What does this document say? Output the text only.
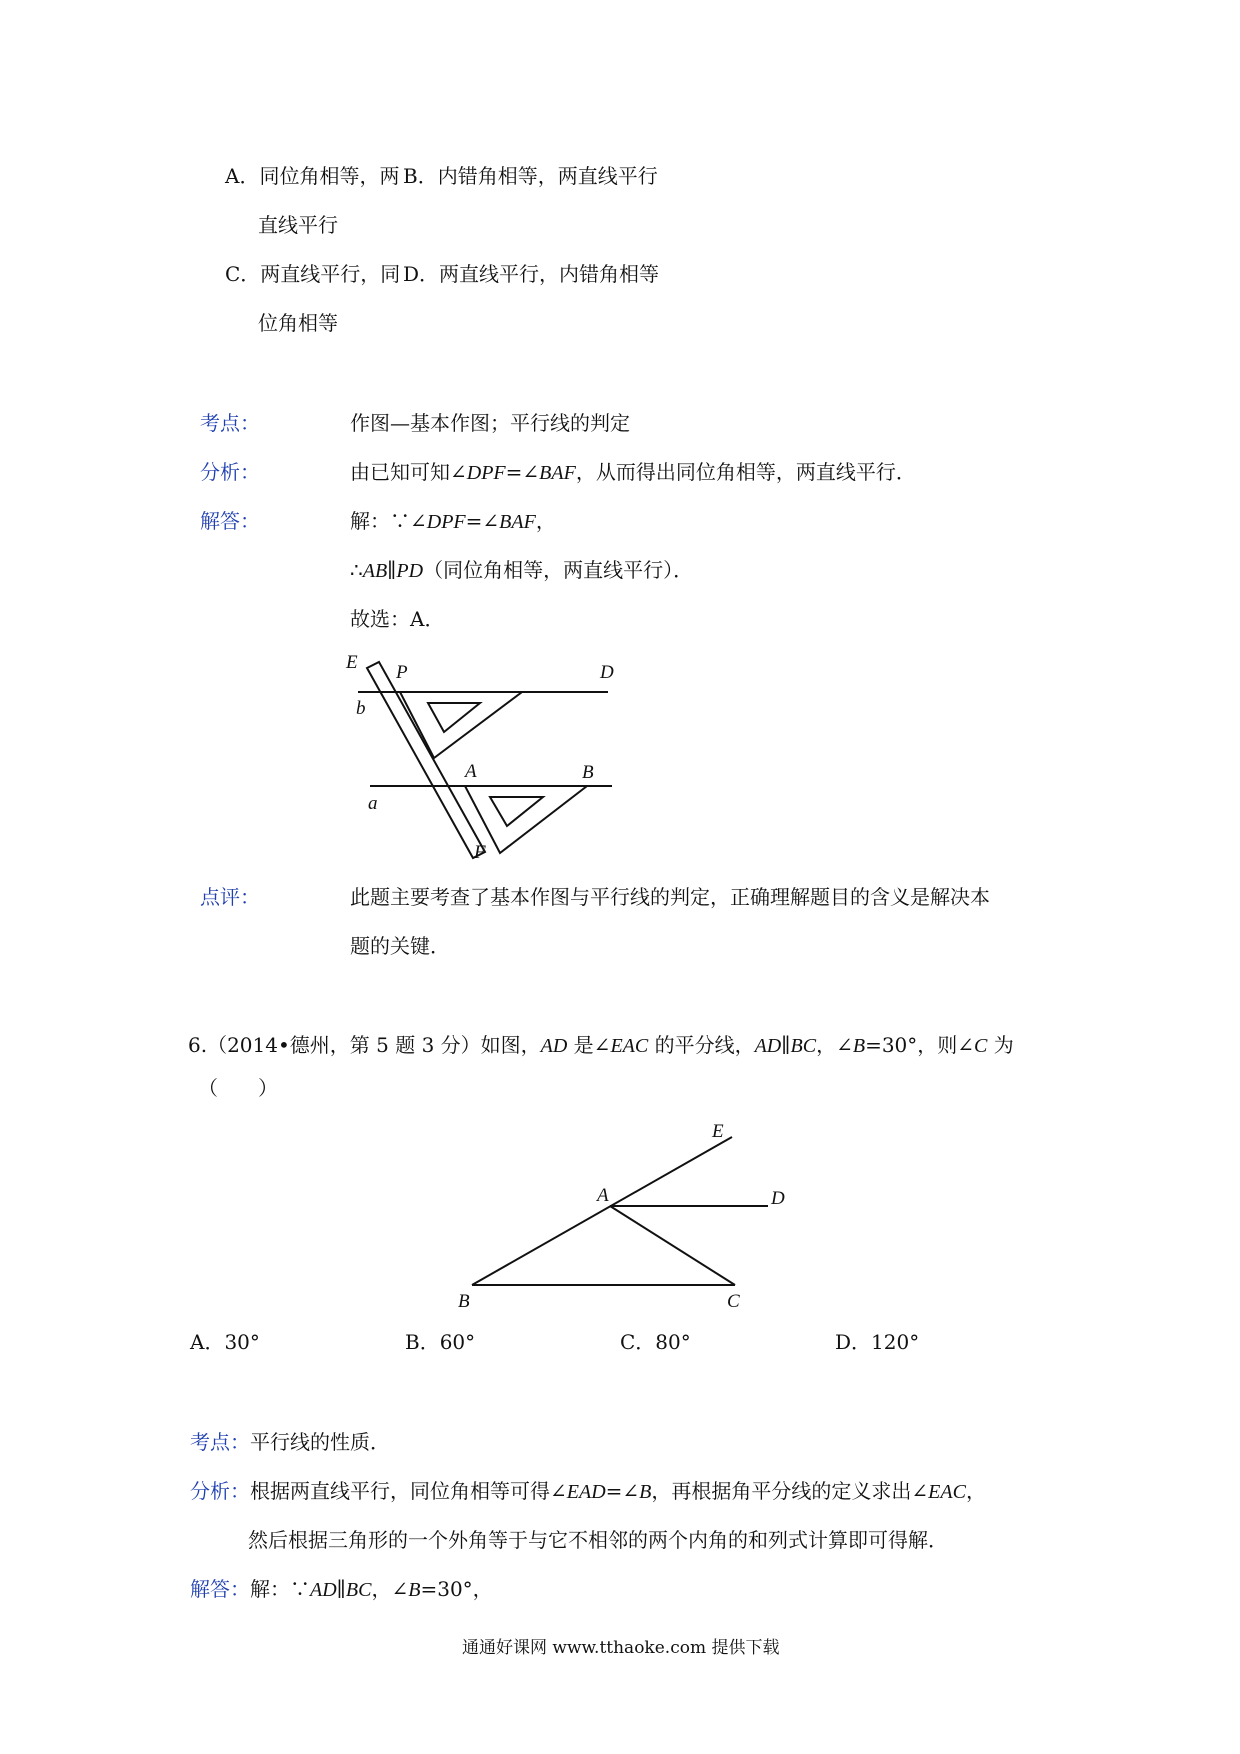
A．同位角相等，两 B．内错角相等，两直线平行
直线平行
C．两直线平行，同 D．两直线平行，内错角相等
位角相等
考点：	作图—基本作图；平行线的判定
分析：	由已知可知∠DPF=∠BAF，从而得出同位角相等，两直线平行．
解答：	解：∵∠DPF=∠BAF，
∴AB∥PD（同位角相等，两直线平行）．
故选：A．
E P	D
b
A	B
a
F
点评：	此题主要考查了基本作图与平行线的判定，正确理解题目的含义是解决本
题的关键．
6.（2014•德州，第 5 题 3 分）如图，AD 是∠EAC 的平分线，AD∥BC，∠B=30°，则∠C 为
（　　）
E
A	D
B	C
A．30°	B．60°	C．80°	D．120°
考点：平行线的性质．
分析：根据两直线平行，同位角相等可得∠EAD=∠B，再根据角平分线的定义求出∠EAC，
然后根据三角形的一个外角等于与它不相邻的两个内角的和列式计算即可得解．
解答：解：∵AD∥BC，∠B=30°，
通通好课网 www.tthaoke.com 提供下载
